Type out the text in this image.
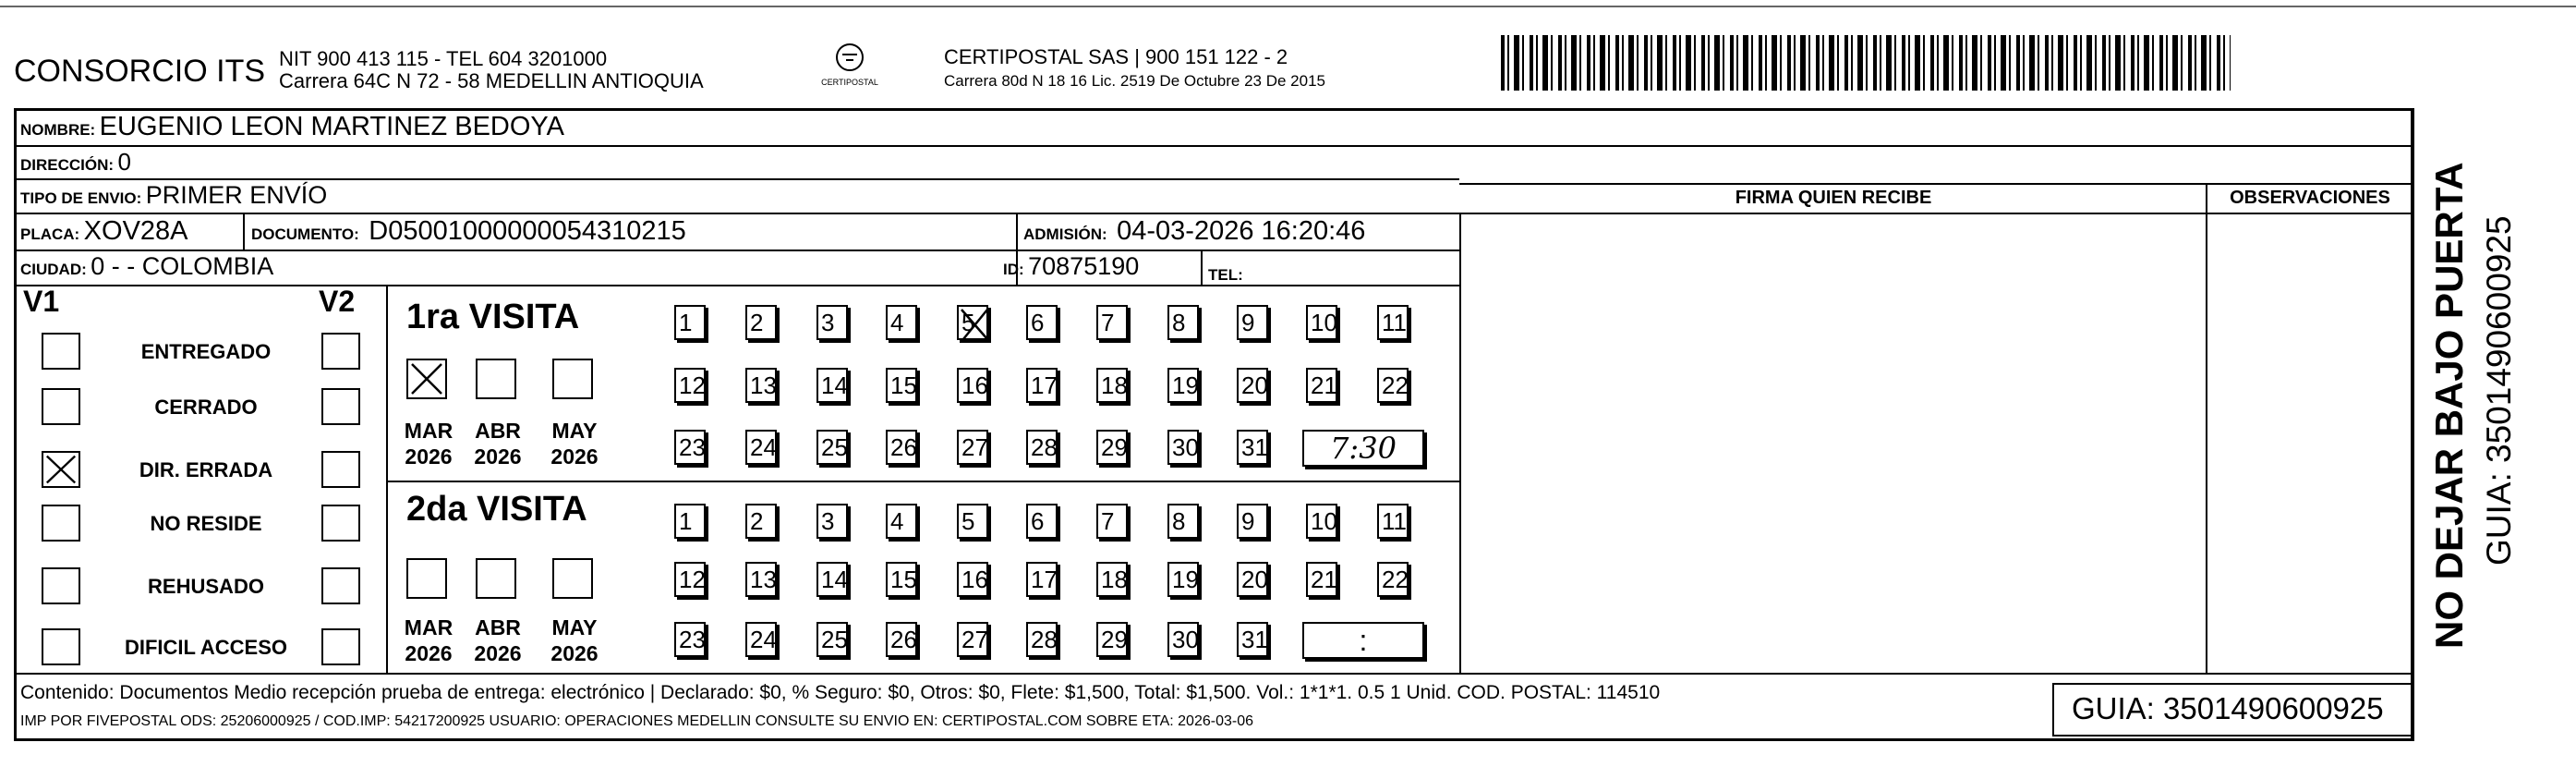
CONSORCIO ITS NIT 900 413 115 - TEL 604 3201000
Carrera 64C N 72 - 58 MEDELLIN ANTIOQUIA	CERTIPOSTAL
CERTIPOSTAL SAS | 900 151 122 - 2
Carrera 80d N 18 16 Lic. 2519 De Octubre 23 De 2015
NOMBRE: EUGENIO LEON MARTINEZ BEDOYA
DIRECCIÓN: 0
TIPO DE ENVIO: PRIMER ENVÍO
PLACA: XOV28A	DOCUMENTO: D05001000000054310215	ADMISIÓN: 04-03-2026 16:20:46
CIUDAD: 0 - - COLOMBIA	ID: 70875190	TEL:
FIRMA QUIEN RECIBE	OBSERVACIONES
V1	V2
ENTREGADO
CERRADO
DIR. ERRADA
NO RESIDE
REHUSADO
DIFICIL ACCESO
1ra VISITA
2da VISITA
MAR
2026
ABR
2026
MAY
2026
MAR
2026
ABR
2026
MAY
2026
1	2	3	4	5	6	7	8	9	10 11
12 13 14 15 16 17 18 19 20 21 22
23 24 25 26 27 28 29 30 31	7:30
1	2	3	4	5	6	7	8	9	10 11
12 13 14 15 16 17 18 19 20 21 22
23 24 25 26 27 28 29 30 31	:
Contenido: Documentos Medio recepción prueba de entrega: electrónico | Declarado: $0, % Seguro: $0, Otros: $0, Flete: $1,500, Total: $1,500. Vol.: 1*1*1. 0.5 1 Unid. COD. POSTAL: 114510
IMP POR FIVEPOSTAL ODS: 25206000925 / COD.IMP: 54217200925 USUARIO: OPERACIONES MEDELLIN CONSULTE SU ENVIO EN: CERTIPOSTAL.COM SOBRE ETA: 2026-03-06	GUIA: 3501490600925
NO DEJAR BAJO PUERTA GUIA: 3501490600925
